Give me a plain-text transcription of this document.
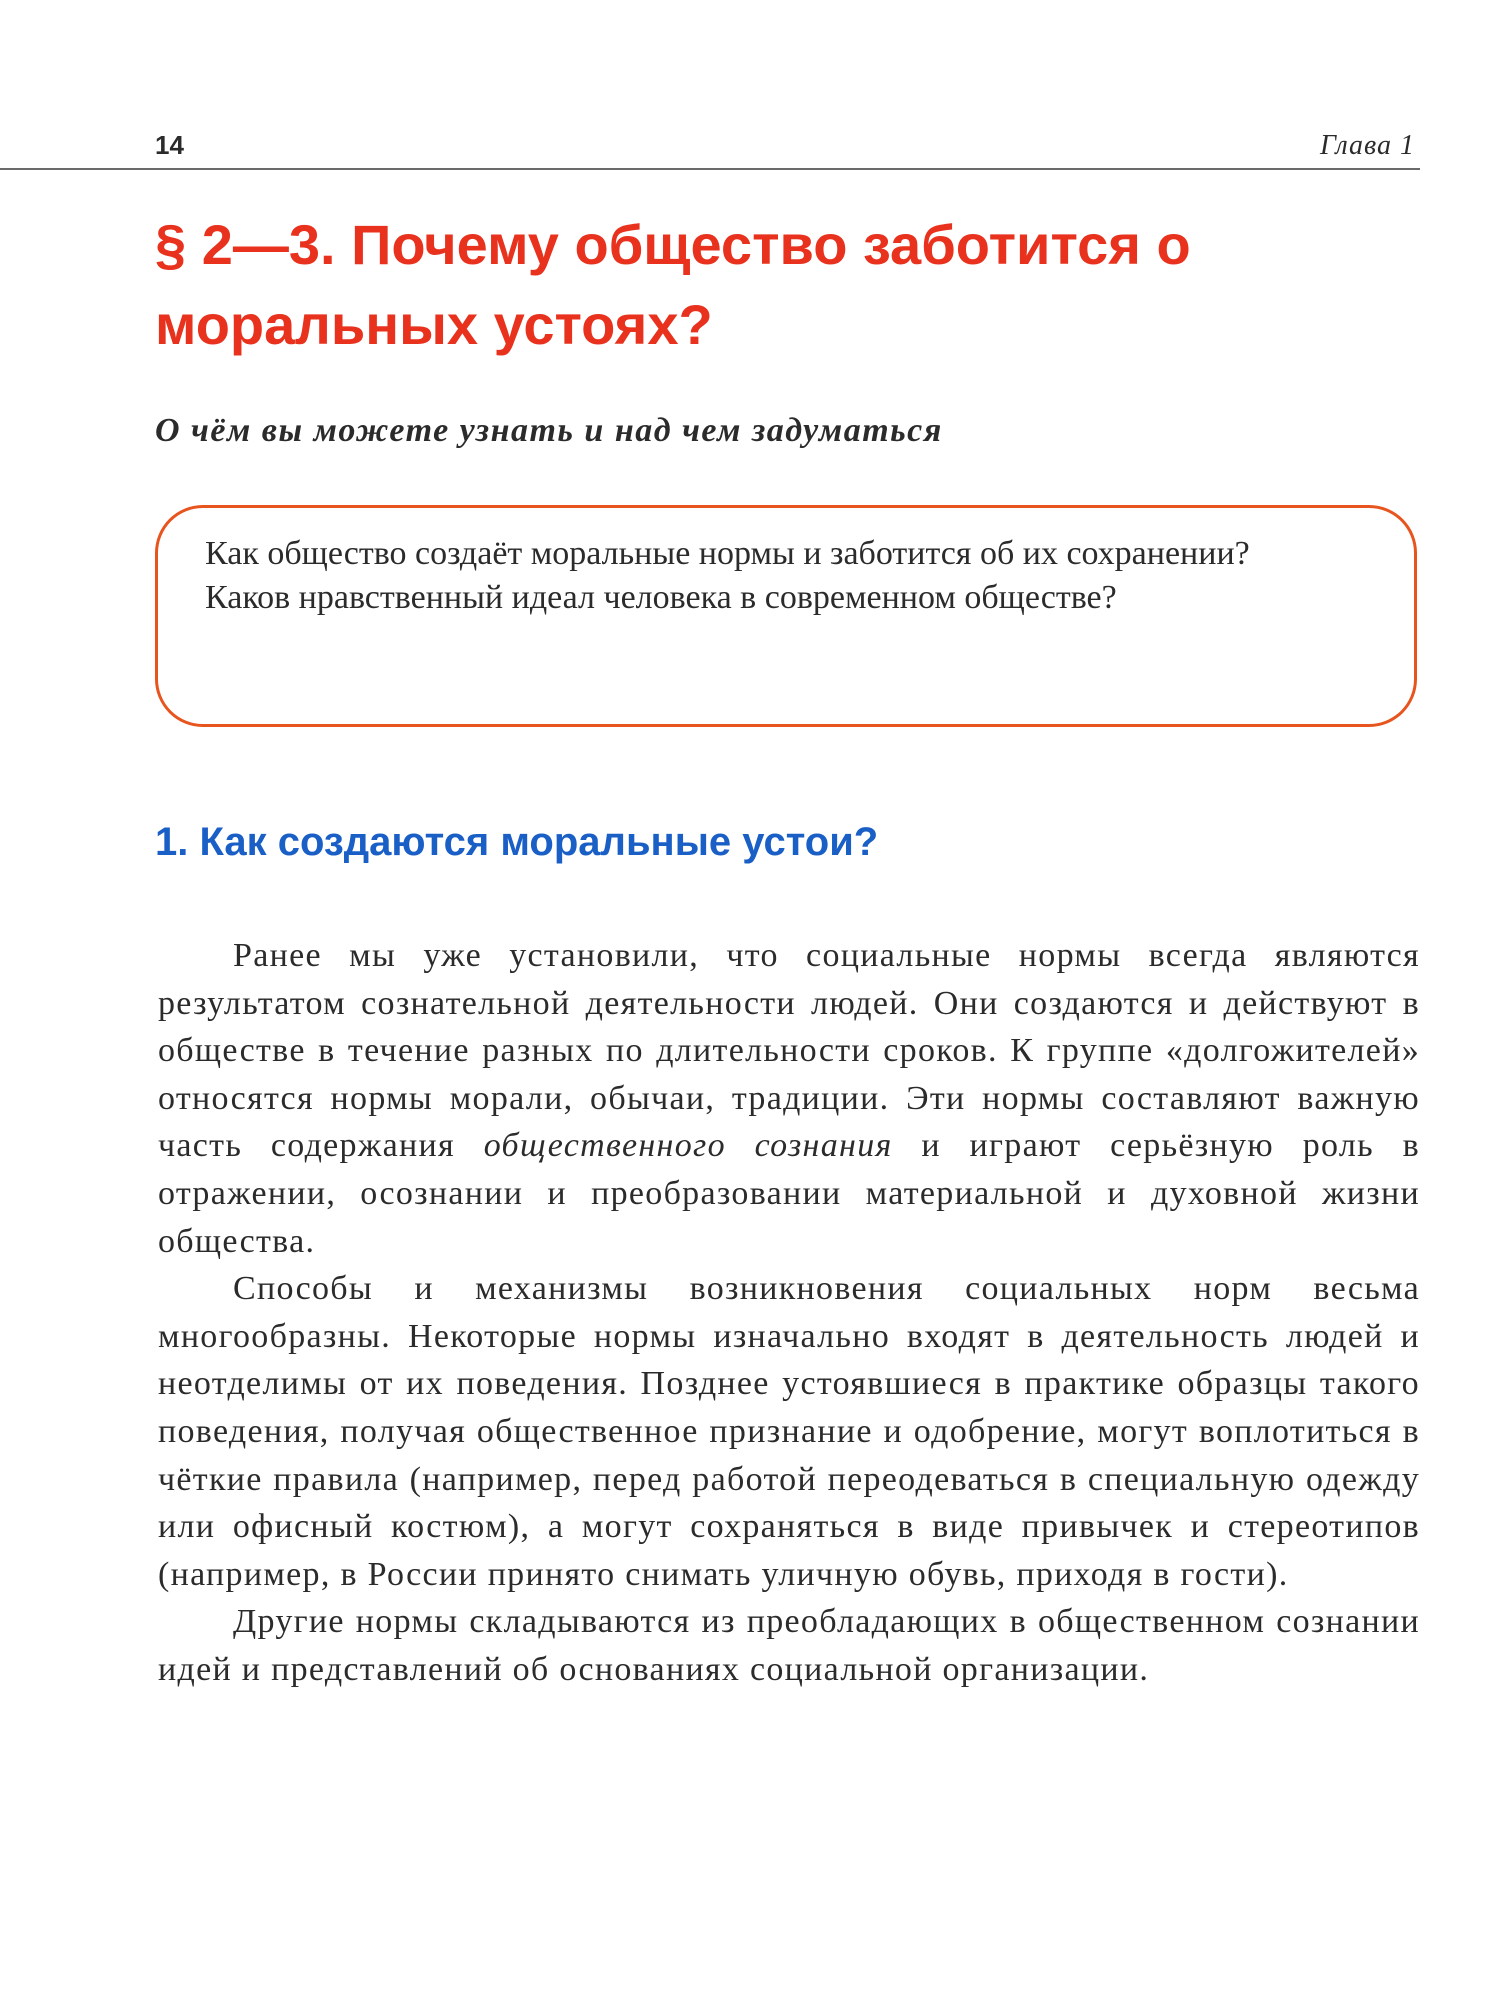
14	Глава 1
§ 2—3. Почему общество заботится о моральных устоях?
О чём вы можете узнать и над чем задуматься

Как общество создаёт моральные нормы и заботится об их сохранении?
Каков нравственный идеал человека в современном обществе?

1. Как создаются моральные устои?

Ранее мы уже установили, что социальные нормы всегда являются результатом сознательной деятельности людей. Они создаются и действуют в обществе в течение разных по длительности сроков. К группе «долгожителей» относятся нормы морали, обычаи, традиции. Эти нормы составляют важную часть содержания общественного сознания и играют серьёзную роль в отражении, осознании и преобразовании материальной и духовной жизни общества.

Способы и механизмы возникновения социальных норм весьма многообразны. Некоторые нормы изначально входят в деятельность людей и неотделимы от их поведения. Позднее устоявшиеся в практике образцы такого поведения, получая общественное признание и одобрение, могут воплотиться в чёткие правила (например, перед работой переодеваться в специальную одежду или офисный костюм), а могут сохраняться в виде привычек и стереотипов (например, в России принято снимать уличную обувь, приходя в гости).

Другие нормы складываются из преобладающих в общественном сознании идей и представлений об основаниях социальной организации.
